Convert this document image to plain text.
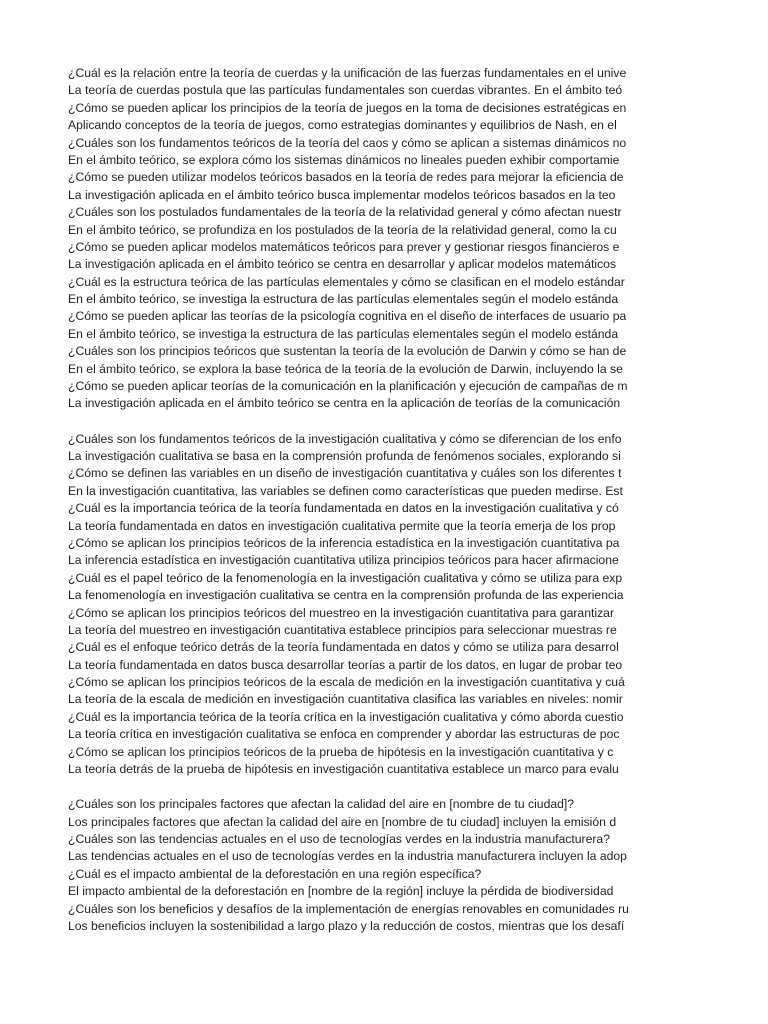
¿Cuál es la relación entre la teoría de cuerdas y la unificación de las fuerzas fundamentales en el unive
La teoría de cuerdas postula que las partículas fundamentales son cuerdas vibrantes. En el ámbito teó
¿Cómo se pueden aplicar los principios de la teoría de juegos en la toma de decisiones estratégicas en
Aplicando conceptos de la teoría de juegos, como estrategias dominantes y equilibrios de Nash, en el
¿Cuáles son los fundamentos teóricos de la teoría del caos y cómo se aplican a sistemas dinámicos no
En el ámbito teórico, se explora cómo los sistemas dinámicos no lineales pueden exhibir comportamie
¿Cómo se pueden utilizar modelos teóricos basados en la teoría de redes para mejorar la eficiencia de
La investigación aplicada en el ámbito teórico busca implementar modelos teóricos basados en la teo
¿Cuáles son los postulados fundamentales de la teoría de la relatividad general y cómo afectan nuestr
En el ámbito teórico, se profundiza en los postulados de la teoría de la relatividad general, como la cu
¿Cómo se pueden aplicar modelos matemáticos teóricos para prever y gestionar riesgos financieros e
La investigación aplicada en el ámbito teórico se centra en desarrollar y aplicar modelos matemáticos
¿Cuál es la estructura teórica de las partículas elementales y cómo se clasifican en el modelo estándar
En el ámbito teórico, se investiga la estructura de las partículas elementales según el modelo estánda
¿Cómo se pueden aplicar las teorías de la psicología cognitiva en el diseño de interfaces de usuario pa
En el ámbito teórico, se investiga la estructura de las partículas elementales según el modelo estánda
¿Cuáles son los principios teóricos que sustentan la teoría de la evolución de Darwin y cómo se han de
En el ámbito teórico, se explora la base teórica de la teoría de la evolución de Darwin, incluyendo la se
¿Cómo se pueden aplicar teorías de la comunicación en la planificación y ejecución de campañas de m
La investigación aplicada en el ámbito teórico se centra en la aplicación de teorías de la comunicación
¿Cuáles son los fundamentos teóricos de la investigación cualitativa y cómo se diferencian de los enfo
La investigación cualitativa se basa en la comprensión profunda de fenómenos sociales, explorando si
¿Cómo se definen las variables en un diseño de investigación cuantitativa y cuáles son los diferentes t
En la investigación cuantitativa, las variables se definen como características que pueden medirse. Est
¿Cuál es la importancia teórica de la teoría fundamentada en datos en la investigación cualitativa y có
La teoría fundamentada en datos en investigación cualitativa permite que la teoría emerja de los prop
¿Cómo se aplican los principios teóricos de la inferencia estadística en la investigación cuantitativa pa
La inferencia estadística en investigación cuantitativa utiliza principios teóricos para hacer afirmacione
¿Cuál es el papel teórico de la fenomenología en la investigación cualitativa y cómo se utiliza para exp
La fenomenología en investigación cualitativa se centra en la comprensión profunda de las experiencia
¿Cómo se aplican los principios teóricos del muestreo en la investigación cuantitativa para garantizar
La teoría del muestreo en investigación cuantitativa establece principios para seleccionar muestras re
¿Cuál es el enfoque teórico detrás de la teoría fundamentada en datos y cómo se utiliza para desarrol
La teoría fundamentada en datos busca desarrollar teorías a partir de los datos, en lugar de probar teo
¿Cómo se aplican los principios teóricos de la escala de medición en la investigación cuantitativa y cuá
La teoría de la escala de medición en investigación cuantitativa clasifica las variables en niveles: nomir
¿Cuál es la importancia teórica de la teoría crítica en la investigación cualitativa y cómo aborda cuestio
La teoría crítica en investigación cualitativa se enfoca en comprender y abordar las estructuras de poc
¿Cómo se aplican los principios teóricos de la prueba de hipótesis en la investigación cuantitativa y c
La teoría detrás de la prueba de hipótesis en investigación cuantitativa establece un marco para evalu
¿Cuáles son los principales factores que afectan la calidad del aire en [nombre de tu ciudad]?
Los principales factores que afectan la calidad del aire en [nombre de tu ciudad] incluyen la emisión d
¿Cuáles son las tendencias actuales en el uso de tecnologías verdes en la industria manufacturera?
Las tendencias actuales en el uso de tecnologías verdes en la industria manufacturera incluyen la adop
¿Cuál es el impacto ambiental de la deforestación en una región específica?
El impacto ambiental de la deforestación en [nombre de la región] incluye la pérdida de biodiversidad
¿Cuáles son los beneficios y desafíos de la implementación de energías renovables en comunidades ru
Los beneficios incluyen la sostenibilidad a largo plazo y la reducción de costos, mientras que los desafí
